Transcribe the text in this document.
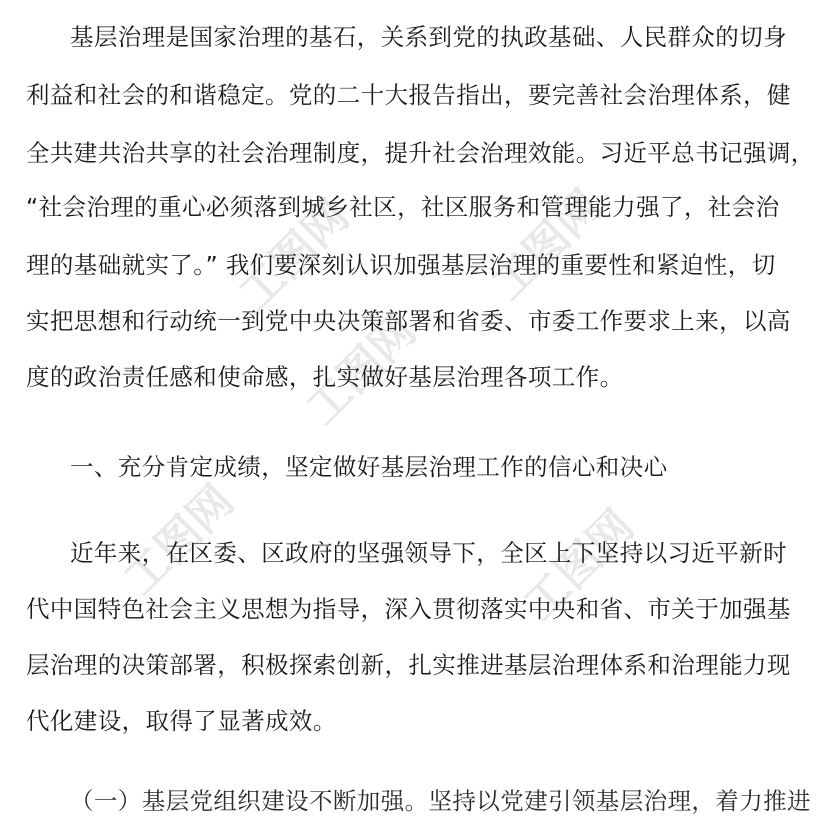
工图网	工图网
工图网
工图网	工图网
基层治理是国家治理的基石，关系到党的执政基础、人民群众的切身
利益和社会的和谐稳定。党的二十大报告指出，要完善社会治理体系，健
全共建共治共享的社会治理制度，提升社会治理效能。习近平总书记强调，
“社会治理的重心必须落到城乡社区，社区服务和管理能力强了，社会治
理的基础就实了。” 我们要深刻认识加强基层治理的重要性和紧迫性，切
实把思想和行动统一到党中央决策部署和省委、市委工作要求上来，以高
度的政治责任感和使命感，扎实做好基层治理各项工作。
一、充分肯定成绩，坚定做好基层治理工作的信心和决心
近年来，在区委、区政府的坚强领导下，全区上下坚持以习近平新时
代中国特色社会主义思想为指导，深入贯彻落实中央和省、市关于加强基
层治理的决策部署，积极探索创新，扎实推进基层治理体系和治理能力现
代化建设，取得了显著成效。
（一）基层党组织建设不断加强。坚持以党建引领基层治理，着力推进
